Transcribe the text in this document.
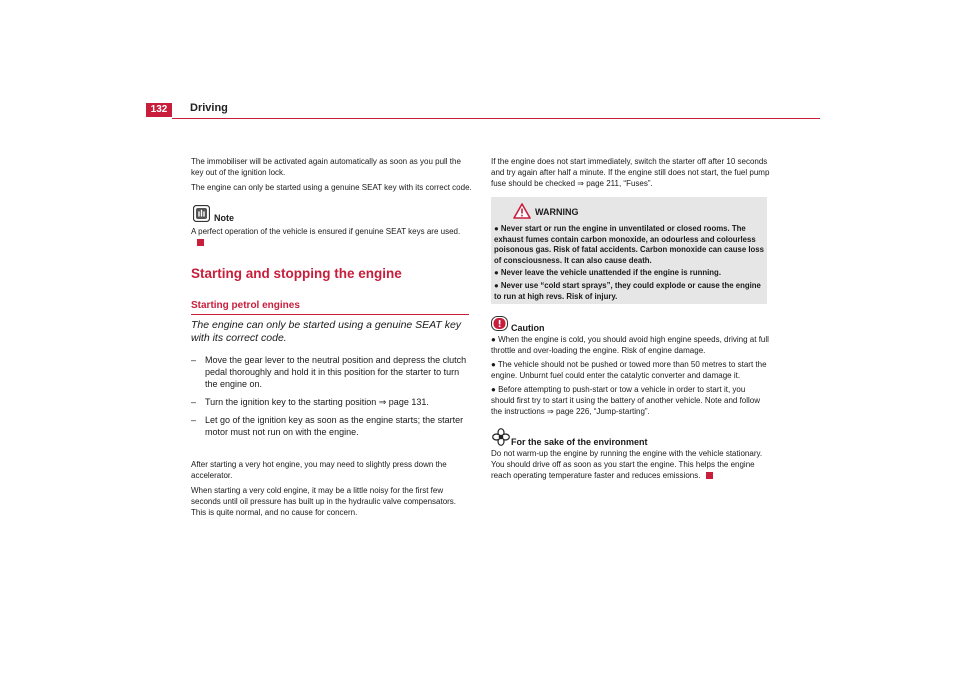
132	Driving

The immobiliser will be activated again automatically as soon as you pull the key out of the ignition lock.

The engine can only be started using a genuine SEAT key with its correct code.

Note
A perfect operation of the vehicle is ensured if genuine SEAT keys are used.
Starting and stopping the engine
Starting petrol engines
The engine can only be started using a genuine SEAT key with its correct code.
– Move the gear lever to the neutral position and depress the clutch pedal thoroughly and hold it in this position for the starter to turn the engine on.
– Turn the ignition key to the starting position ⇒ page 131.
– Let go of the ignition key as soon as the engine starts; the starter motor must not run on with the engine.

After starting a very hot engine, you may need to slightly press down the accelerator.

When starting a very cold engine, it may be a little noisy for the first few seconds until oil pressure has built up in the hydraulic valve compensators. This is quite normal, and no cause for concern.

If the engine does not start immediately, switch the starter off after 10 seconds and try again after half a minute. If the engine still does not start, the fuel pump fuse should be checked ⇒ page 211, “Fuses”.

WARNING
● Never start or run the engine in unventilated or closed rooms. The exhaust fumes contain carbon monoxide, an odourless and colourless poisonous gas. Risk of fatal accidents. Carbon monoxide can cause loss of consciousness. It can also cause death.
● Never leave the vehicle unattended if the engine is running.
● Never use “cold start sprays”, they could explode or cause the engine to run at high revs. Risk of injury.
Caution
● When the engine is cold, you should avoid high engine speeds, driving at full throttle and over-loading the engine. Risk of engine damage.
● The vehicle should not be pushed or towed more than 50 metres to start the engine. Unburnt fuel could enter the catalytic converter and damage it.
● Before attempting to push-start or tow a vehicle in order to start it, you should first try to start it using the battery of another vehicle. Note and follow the instructions ⇒ page 226, “Jump-starting”.
For the sake of the environment
Do not warm-up the engine by running the engine with the vehicle stationary. You should drive off as soon as you start the engine. This helps the engine reach operating temperature faster and reduces emissions.
